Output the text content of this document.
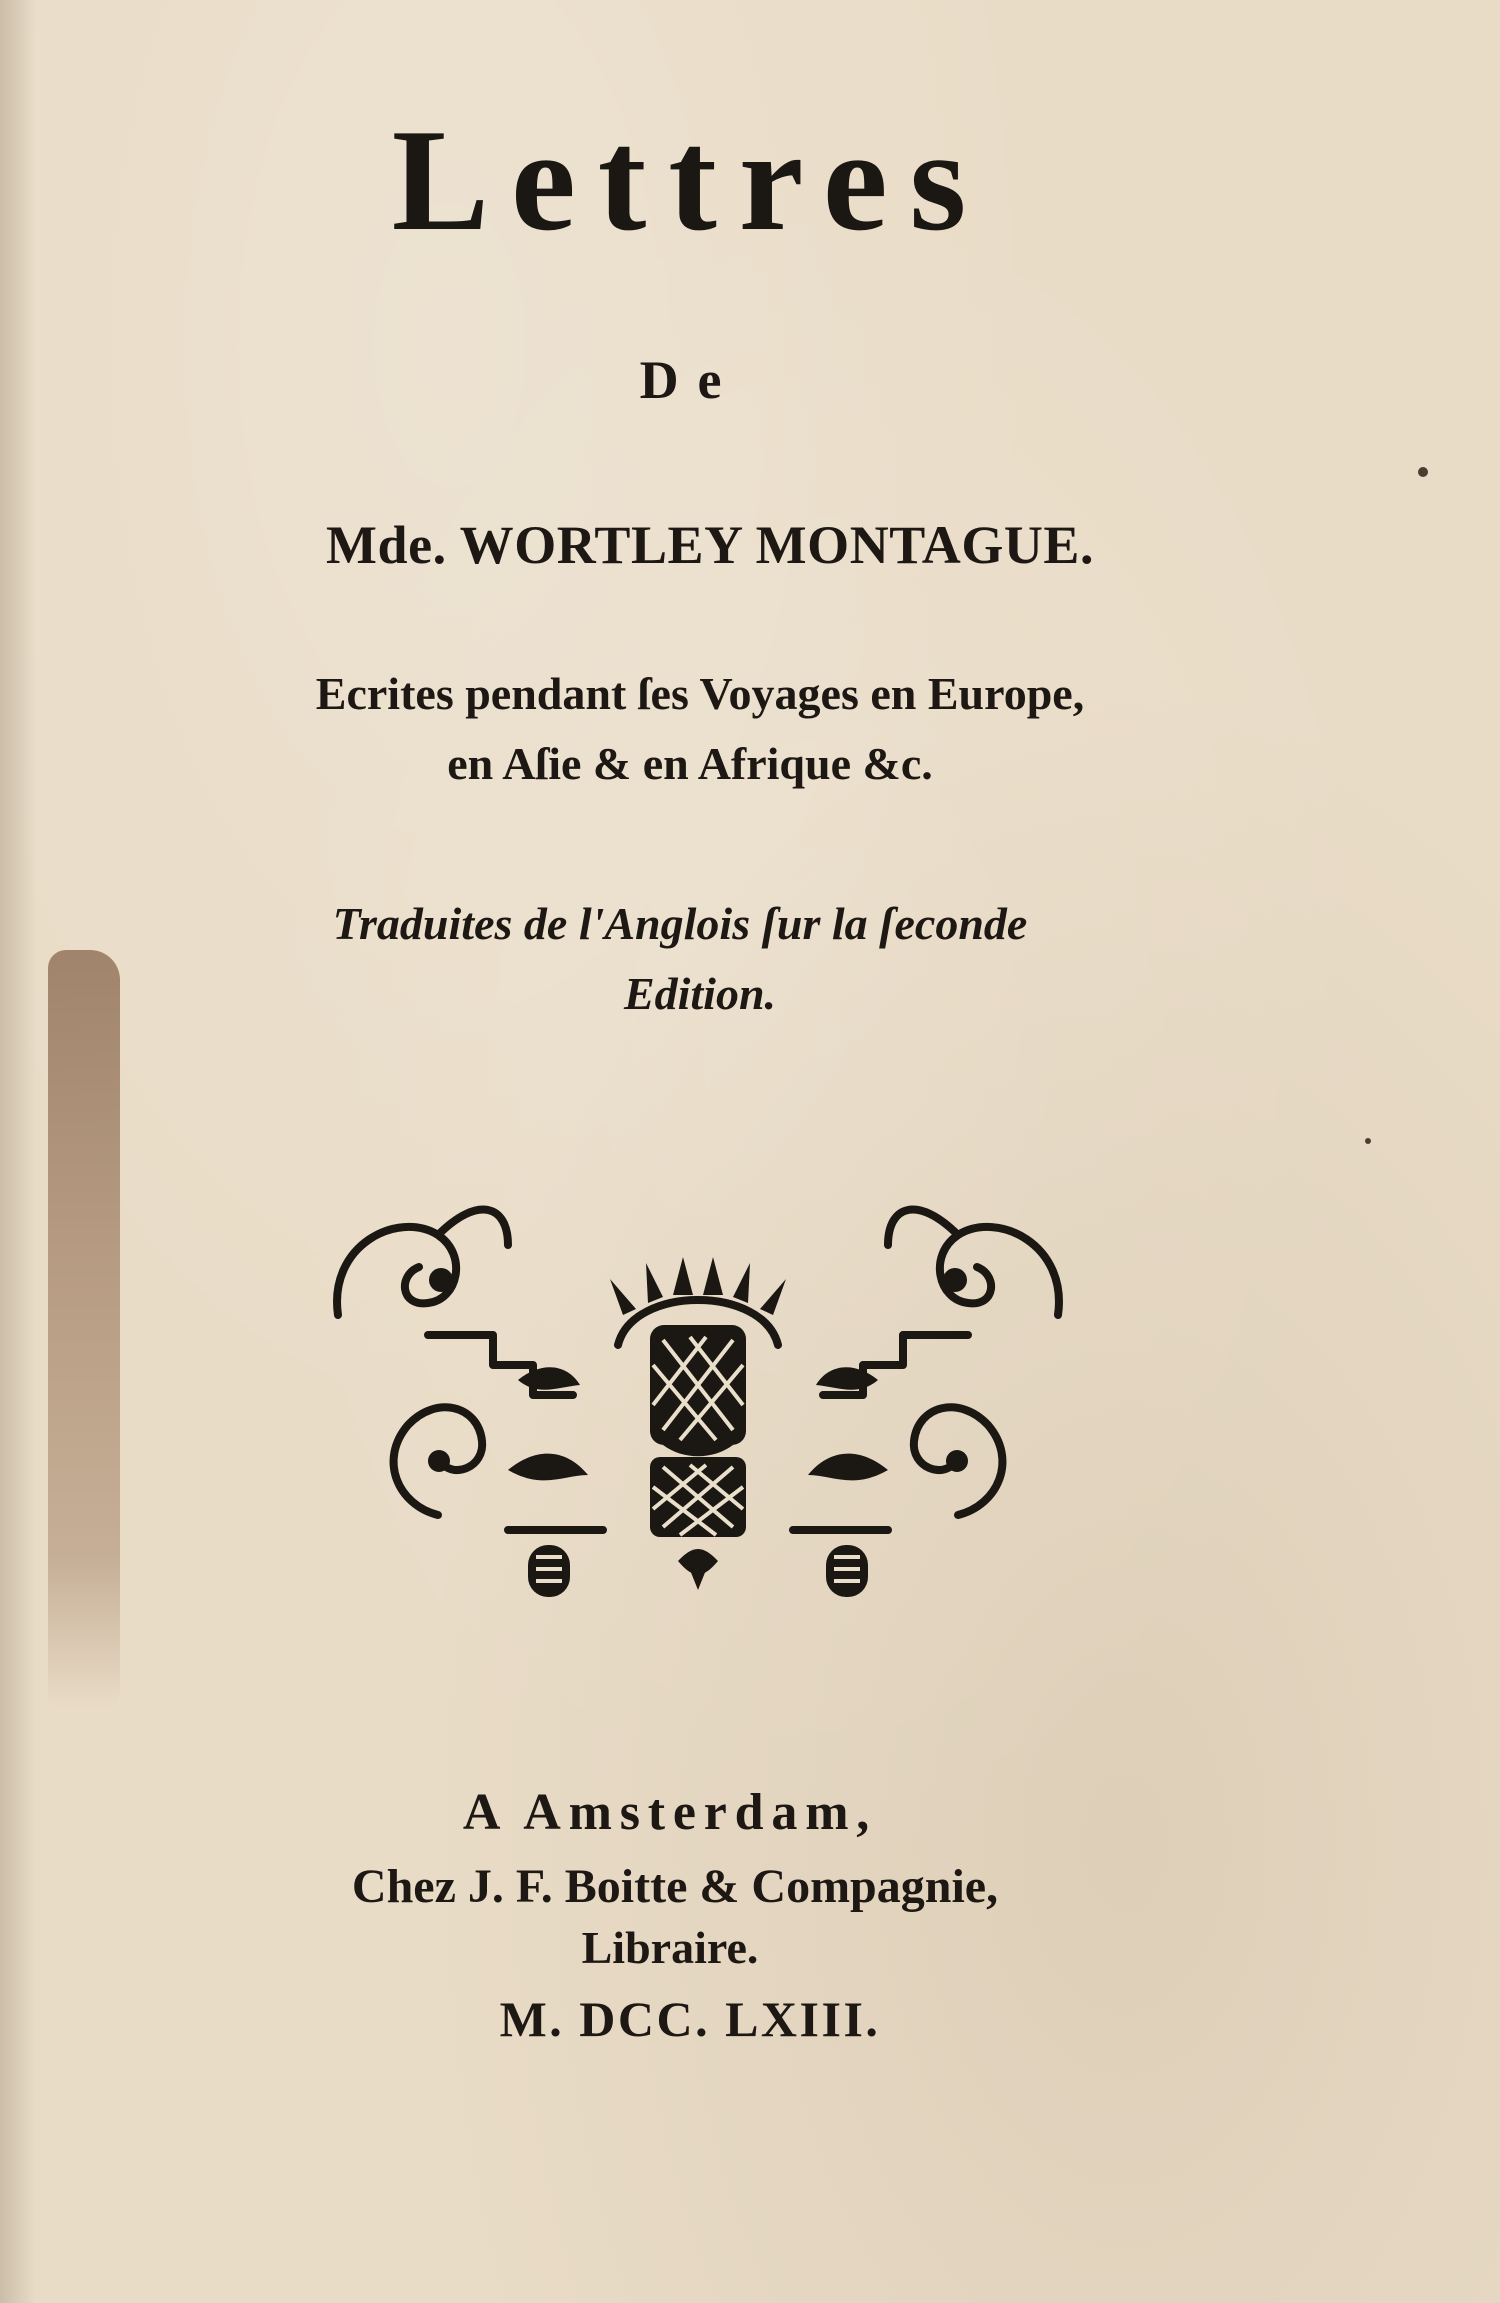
Lettres
De
Mde. WORTLEY MONTAGUE.
Ecrites pendant ſes Voyages en Europe,
en Aſie & en Afrique &c.
Traduites de l'Anglois ſur la ſeconde
Edition.
A Amsterdam,
Chez J. F. Boitte & Compagnie,
Libraire.
M. DCC. LXIII.
